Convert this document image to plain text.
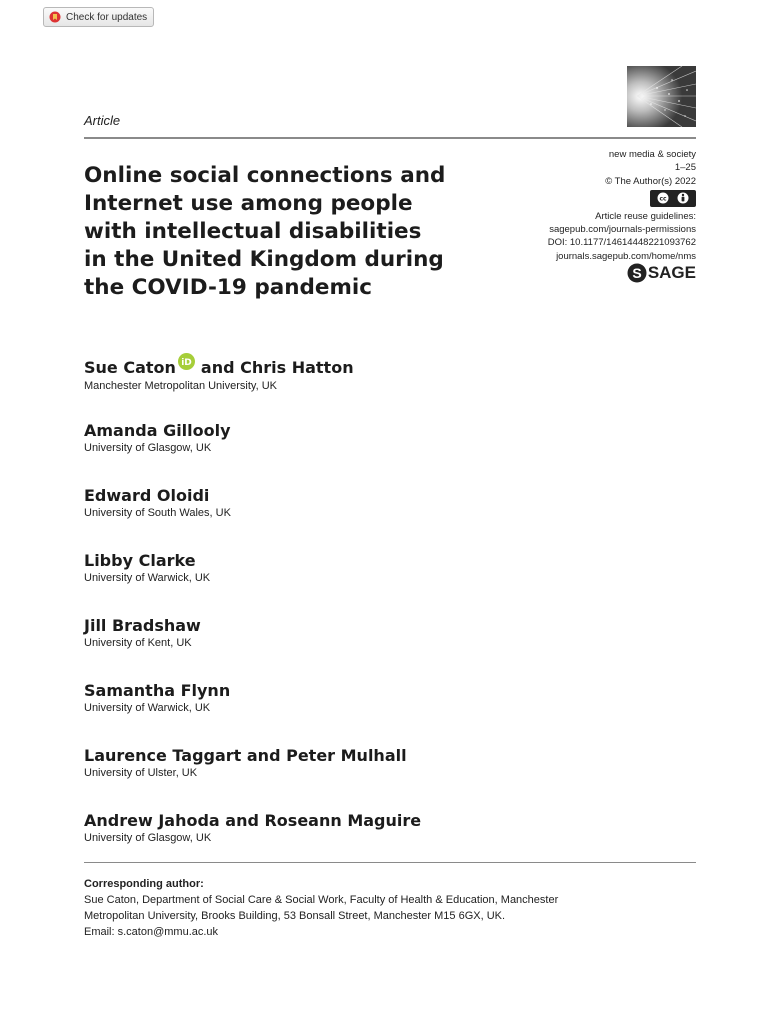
Check for updates
Article
Online social connections and
Internet use among people
with intellectual disabilities
in the United Kingdom during
the COVID-19 pandemic
new media & society
1–25
© The Author(s) 2022
cc
Article reuse guidelines:
sagepub.com/journals-permissions
DOI: 10.1177/14614448221093762
journals.sagepub.com/home/nms
S SAGE
Sue Caton iD and Chris Hatton
Manchester Metropolitan University, UK
Amanda Gillooly
University of Glasgow, UK
Edward Oloidi
University of South Wales, UK
Libby Clarke
University of Warwick, UK
Jill Bradshaw
University of Kent, UK
Samantha Flynn
University of Warwick, UK
Laurence Taggart and Peter Mulhall
University of Ulster, UK
Andrew Jahoda and Roseann Maguire
University of Glasgow, UK
Corresponding author:
Sue Caton, Department of Social Care & Social Work, Faculty of Health & Education, Manchester
Metropolitan University, Brooks Building, 53 Bonsall Street, Manchester M15 6GX, UK.
Email: s.caton@mmu.ac.uk
